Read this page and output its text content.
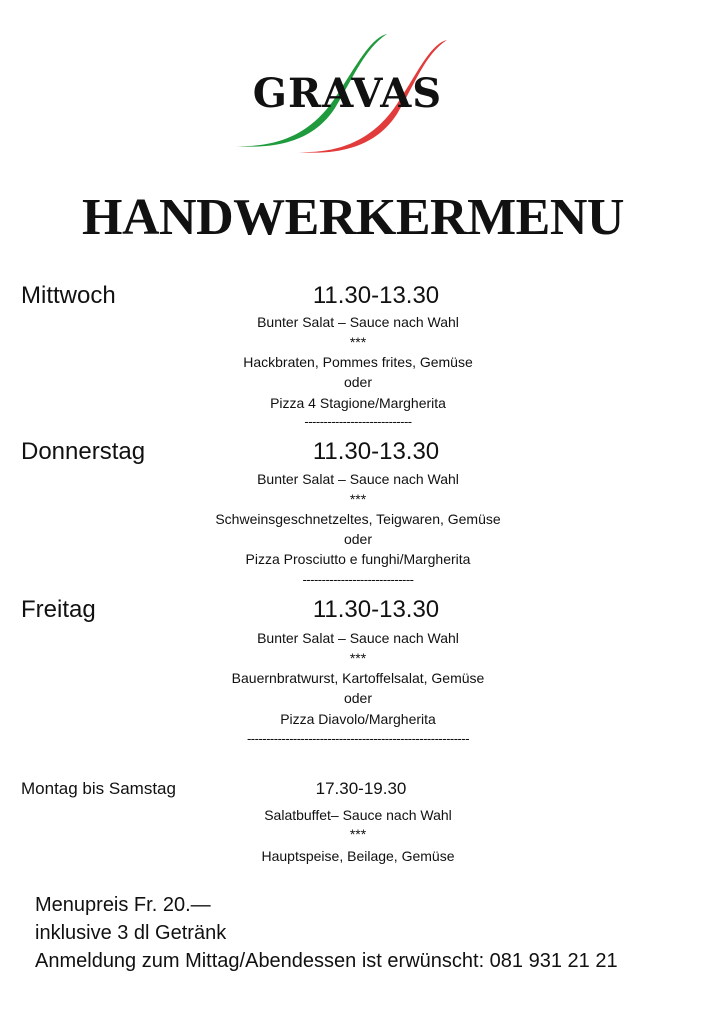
GRAVAS
HANDWERKERMENU
Mittwoch	11.30-13.30
Bunter Salat – Sauce nach Wahl
***
Hackbraten, Pommes frites, Gemüse
oder
Pizza 4 Stagione/Margherita
----------------------------
Donnerstag	11.30-13.30
Bunter Salat – Sauce nach Wahl
***
Schweinsgeschnetzeltes, Teigwaren, Gemüse
oder
Pizza Prosciutto e funghi/Margherita
-----------------------------
Freitag	11.30-13.30
Bunter Salat – Sauce nach Wahl
***
Bauernbratwurst, Kartoffelsalat, Gemüse
oder
Pizza Diavolo/Margherita
----------------------------------------------------------
Montag bis Samstag	17.30-19.30
Salatbuffet– Sauce nach Wahl
***
Hauptspeise, Beilage, Gemüse
Menupreis Fr. 20.—
inklusive 3 dl Getränk
Anmeldung zum Mittag/Abendessen ist erwünscht: 081 931 21 21
